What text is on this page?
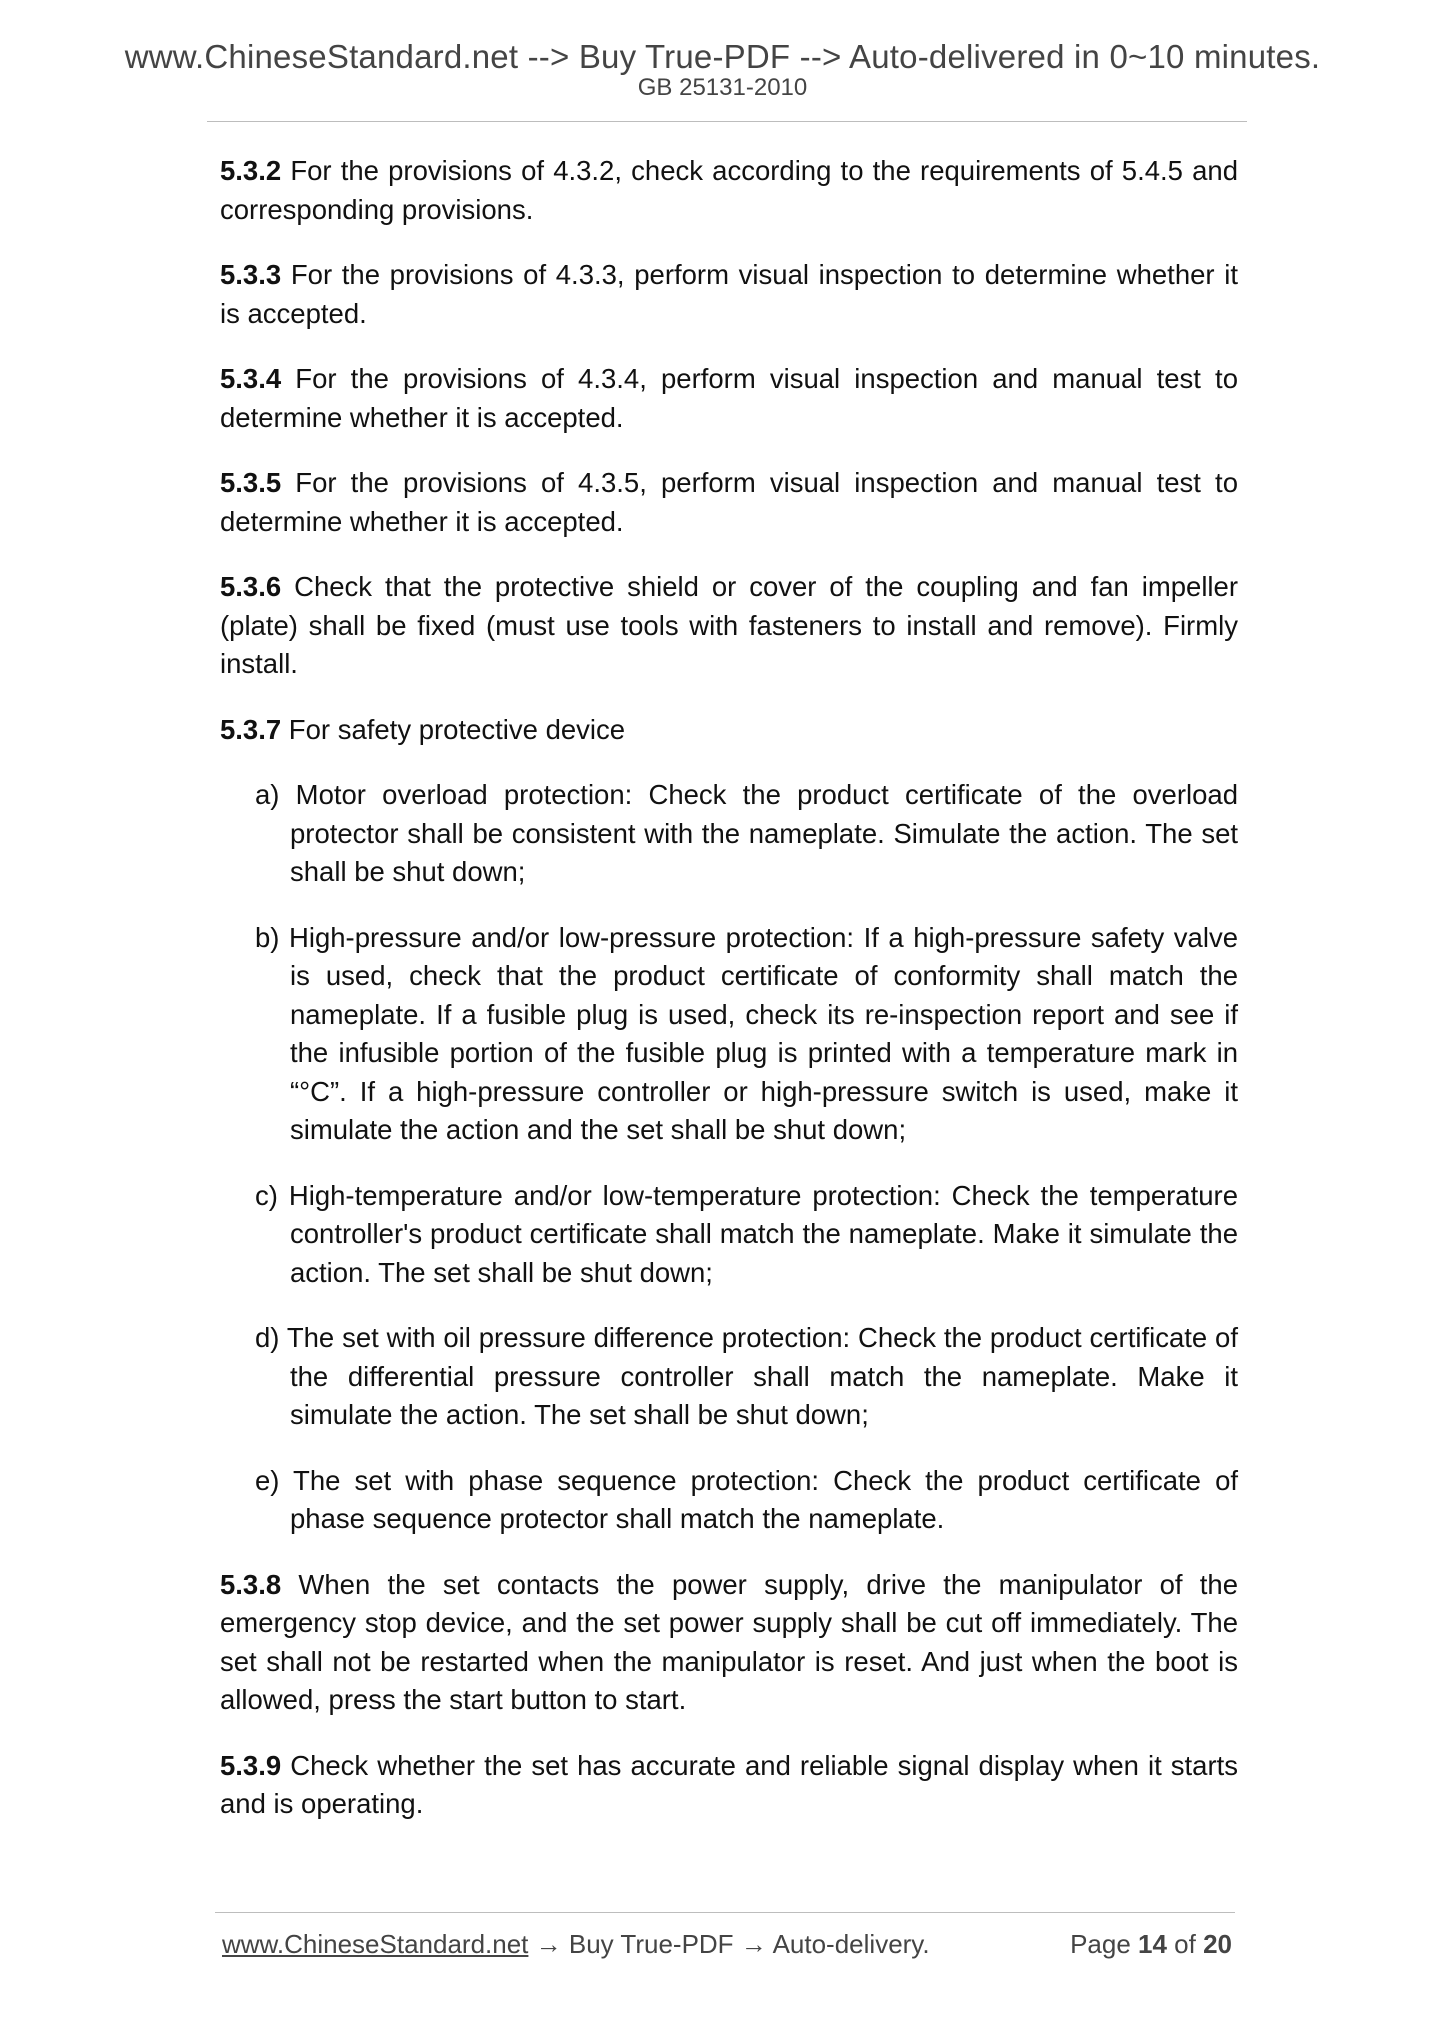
www.ChineseStandard.net --> Buy True-PDF --> Auto-delivered in 0~10 minutes.
GB 25131-2010

5.3.2 For the provisions of 4.3.2, check according to the requirements of 5.4.5 and corresponding provisions.

5.3.3 For the provisions of 4.3.3, perform visual inspection to determine whether it is accepted.

5.3.4 For the provisions of 4.3.4, perform visual inspection and manual test to determine whether it is accepted.

5.3.5 For the provisions of 4.3.5, perform visual inspection and manual test to determine whether it is accepted.

5.3.6 Check that the protective shield or cover of the coupling and fan impeller (plate) shall be fixed (must use tools with fasteners to install and remove). Firmly install.

5.3.7 For safety protective device

a) Motor overload protection: Check the product certificate of the overload protector shall be consistent with the nameplate. Simulate the action. The set shall be shut down;

b) High-pressure and/or low-pressure protection: If a high-pressure safety valve is used, check that the product certificate of conformity shall match the nameplate. If a fusible plug is used, check its re-inspection report and see if the infusible portion of the fusible plug is printed with a temperature mark in “°C”. If a high-pressure controller or high-pressure switch is used, make it simulate the action and the set shall be shut down;

c) High-temperature and/or low-temperature protection: Check the temperature controller's product certificate shall match the nameplate. Make it simulate the action. The set shall be shut down;

d) The set with oil pressure difference protection: Check the product certificate of the differential pressure controller shall match the nameplate. Make it simulate the action. The set shall be shut down;

e) The set with phase sequence protection: Check the product certificate of phase sequence protector shall match the nameplate.

5.3.8 When the set contacts the power supply, drive the manipulator of the emergency stop device, and the set power supply shall be cut off immediately. The set shall not be restarted when the manipulator is reset. And just when the boot is allowed, press the start button to start.

5.3.9 Check whether the set has accurate and reliable signal display when it starts and is operating.

www.ChineseStandard.net → Buy True-PDF → Auto-delivery.	Page 14 of 20
